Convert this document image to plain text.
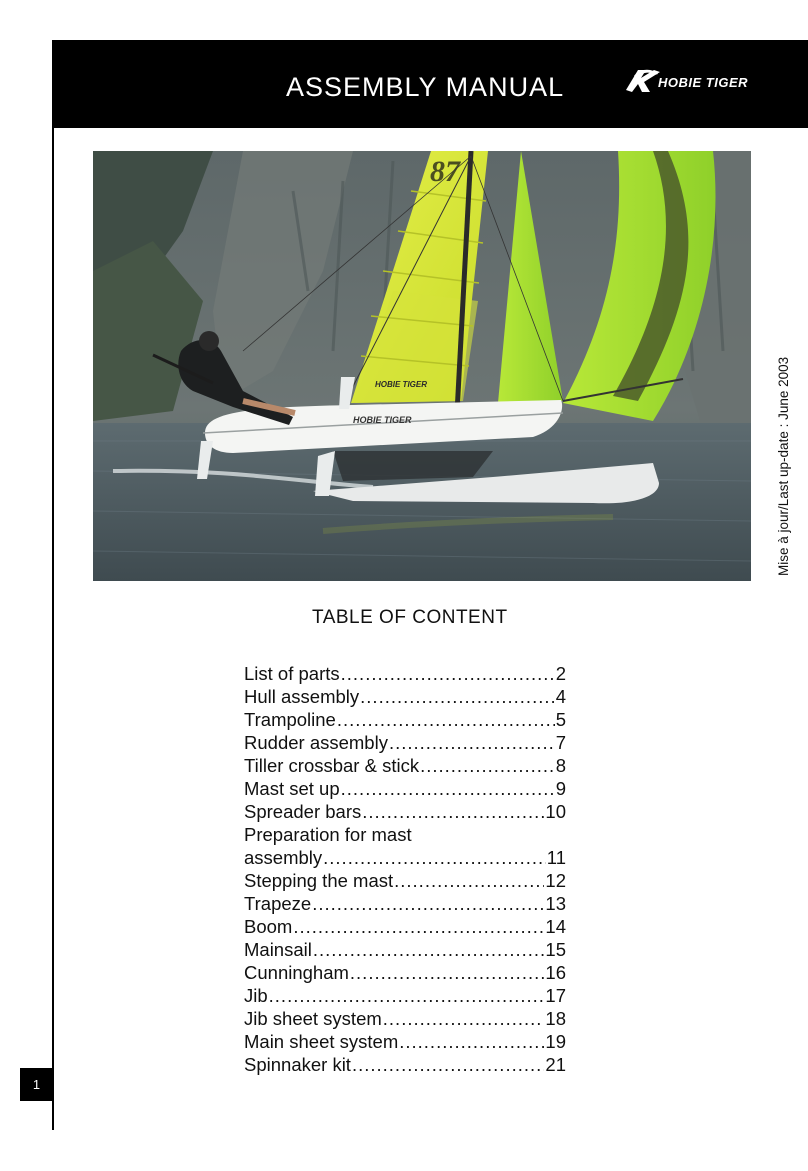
ASSEMBLY MANUAL	HOBIE TIGER
87
HOBIE TIGER
HOBIE TIGER	Mise à jour/Last up-date : June 2003
TABLE OF CONTENT
List of parts .....	2
Hull assembly .....	4
Trampoline .....	5
Rudder assembly .....	7
Tiller crossbar & stick .....	8
Mast set up .....	9
Spreader bars .....	10
Preparation for mast
assembly .....	11
Stepping the mast .....	12
Trapeze .....	13
Boom .....	14
Mainsail .....	15
Cunningham .....	16
Jib .....	17
Jib sheet system .....	18
Main sheet system .....	19
Spinnaker kit .....	21
1
